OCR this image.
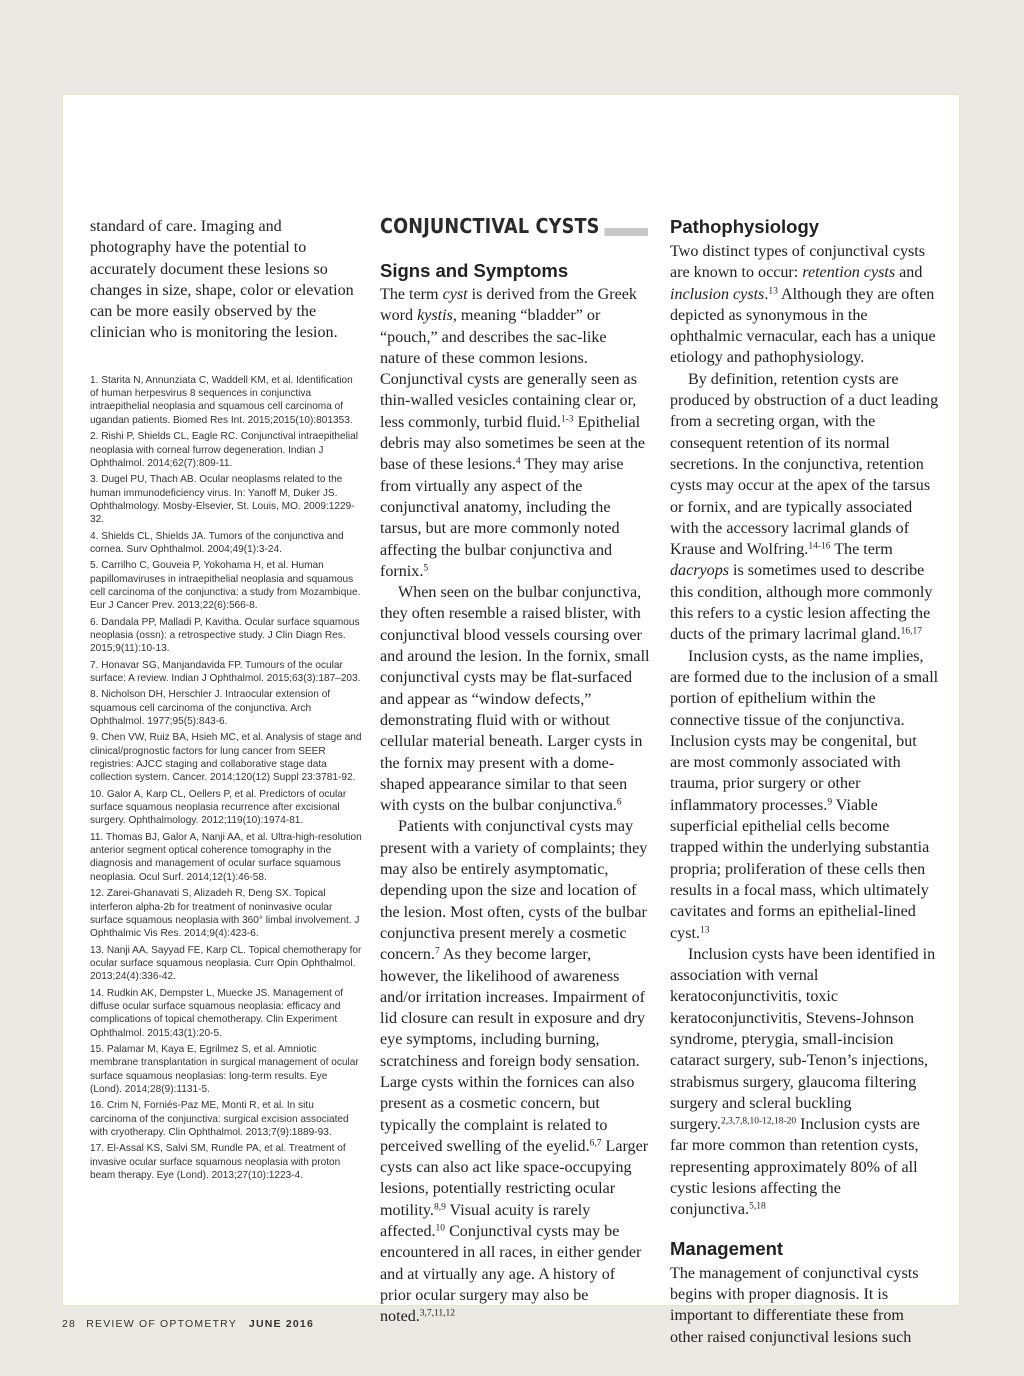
standard of care. Imaging and photography have the potential to accurately document these lesions so changes in size, shape, color or elevation can be more easily observed by the clinician who is monitoring the lesion.

1. Starita N, Annunziata C, Waddell KM, et al. Identification of human herpesvirus 8 sequences in conjunctiva intraepithelial neoplasia and squamous cell carcinoma of ugandan patients. Biomed Res Int. 2015;2015(10):801353.

2. Rishi P, Shields CL, Eagle RC. Conjunctival intraepithelial neoplasia with corneal furrow degeneration. Indian J Ophthalmol. 2014;62(7):809-11.

3. Dugel PU, Thach AB. Ocular neoplasms related to the human immunodeficiency virus. In: Yanoff M, Duker JS. Ophthalmology. Mosby-Elsevier, St. Louis, MO. 2009:1229-32.

4. Shields CL, Shields JA. Tumors of the conjunctiva and cornea. Surv Ophthalmol. 2004;49(1):3-24.

5. Carrilho C, Gouveia P, Yokohama H, et al. Human papillomaviruses in intraepithelial neoplasia and squamous cell carcinoma of the conjunctiva: a study from Mozambique. Eur J Cancer Prev. 2013;22(6):566-8.

6. Dandala PP, Malladi P, Kavitha. Ocular surface squamous neoplasia (ossn): a retrospective study. J Clin Diagn Res. 2015;9(11):10-13.

7. Honavar SG, Manjandavida FP. Tumours of the ocular surface: A review. Indian J Ophthalmol. 2015;63(3):187–203.

8. Nicholson DH, Herschler J. Intraocular extension of squamous cell carcinoma of the conjunctiva. Arch Ophthalmol. 1977;95(5):843-6.

9. Chen VW, Ruiz BA, Hsieh MC, et al. Analysis of stage and clinical/prognostic factors for lung cancer from SEER registries: AJCC staging and collaborative stage data collection system. Cancer. 2014;120(12) Suppl 23:3781-92.

10. Galor A, Karp CL, Oellers P, et al. Predictors of ocular surface squamous neoplasia recurrence after excisional surgery. Ophthalmology. 2012;119(10):1974-81.

11. Thomas BJ, Galor A, Nanji AA, et al. Ultra-high-resolution anterior segment optical coherence tomography in the diagnosis and management of ocular surface squamous neoplasia. Ocul Surf. 2014;12(1):46-58.

12. Zarei-Ghanavati S, Alizadeh R, Deng SX. Topical interferon alpha-2b for treatment of noninvasive ocular surface squamous neoplasia with 360° limbal involvement. J Ophthalmic Vis Res. 2014;9(4):423-6.

13. Nanji AA, Sayyad FE, Karp CL. Topical chemotherapy for ocular surface squamous neoplasia. Curr Opin Ophthalmol. 2013;24(4):336-42.

14. Rudkin AK, Dempster L, Muecke JS. Management of diffuse ocular surface squamous neoplasia: efficacy and complications of topical chemotherapy. Clin Experiment Ophthalmol. 2015;43(1):20-5.

15. Palamar M, Kaya E, Egrilmez S, et al. Amniotic membrane transplantation in surgical management of ocular surface squamous neoplasias: long-term results. Eye (Lond). 2014;28(9):1131-5.

16. Crim N, Forniés-Paz ME, Monti R, et al. In situ carcinoma of the conjunctiva: surgical excision associated with cryotherapy. Clin Ophthalmol. 2013;7(9):1889-93.

17. El-Assal KS, Salvi SM, Rundle PA, et al. Treatment of invasive ocular surface squamous neoplasia with proton beam therapy. Eye (Lond). 2013;27(10):1223-4.

CONJUNCTIVAL CYSTS
Signs and Symptoms

The term cyst is derived from the Greek word kystis, meaning “bladder” or “pouch,” and describes the sac-like nature of these common lesions. Conjunctival cysts are generally seen as thin-walled vesicles containing clear or, less commonly, turbid fluid.$^{1-3}$ Epithelial debris may also sometimes be seen at the base of these lesions.$^4$ They may arise from virtually any aspect of the conjunctival anatomy, including the tarsus, but are more commonly noted affecting the bulbar conjunctiva and fornix.$^5$

When seen on the bulbar conjunctiva, they often resemble a raised blister, with conjunctival blood vessels coursing over and around the lesion. In the fornix, small conjunctival cysts may be flat-surfaced and appear as “window defects,” demonstrating fluid with or without cellular material beneath. Larger cysts in the fornix may present with a dome-shaped appearance similar to that seen with cysts on the bulbar conjunctiva.$^6$

Patients with conjunctival cysts may present with a variety of complaints; they may also be entirely asymptomatic, depending upon the size and location of the lesion. Most often, cysts of the bulbar conjunctiva present merely a cosmetic concern.$^7$ As they become larger, however, the likelihood of awareness and/or irritation increases. Impairment of lid closure can result in exposure and dry eye symptoms, including burning, scratchiness and foreign body sensation. Large cysts within the fornices can also present as a cosmetic concern, but typically the complaint is related to perceived swelling of the eyelid.$^{6,7}$ Larger cysts can also act like space-occupying lesions, potentially restricting ocular motility.$^{8,9}$ Visual acuity is rarely affected.$^{10}$ Conjunctival cysts may be encountered in all races, in either gender and at virtually any age. A history of prior ocular surgery may also be noted.$^{3,7,11,12}$

Pathophysiology

Two distinct types of conjunctival cysts are known to occur: retention cysts and inclusion cysts.$^{13}$ Although they are often depicted as synonymous in the ophthalmic vernacular, each has a unique etiology and pathophysiology.

By definition, retention cysts are produced by obstruction of a duct leading from a secreting organ, with the consequent retention of its normal secretions. In the conjunctiva, retention cysts may occur at the apex of the tarsus or fornix, and are typically associated with the accessory lacrimal glands of Krause and Wolfring.$^{14-16}$ The term dacryops is sometimes used to describe this condition, although more commonly this refers to a cystic lesion affecting the ducts of the primary lacrimal gland.$^{16,17}$

Inclusion cysts, as the name implies, are formed due to the inclusion of a small portion of epithelium within the connective tissue of the conjunctiva. Inclusion cysts may be congenital, but are most commonly associated with trauma, prior surgery or other inflammatory processes.$^9$ Viable superficial epithelial cells become trapped within the underlying substantia propria; proliferation of these cells then results in a focal mass, which ultimately cavitates and forms an epithelial-lined cyst.$^{13}$

Inclusion cysts have been identified in association with vernal keratoconjunctivitis, toxic keratoconjunctivitis, Stevens-Johnson syndrome, pterygia, small-incision cataract surgery, sub-Tenon’s injections, strabismus surgery, glaucoma filtering surgery and scleral buckling surgery.$^{2,3,7,8,10-12,18-20}$ Inclusion cysts are far more common than retention cysts, representing approximately 80% of all cystic lesions affecting the conjunctiva.$^{5,18}$

Management

The management of conjunctival cysts begins with proper diagnosis. It is important to differentiate these from other raised conjunctival lesions such

28 REVIEW OF OPTOMETRY JUNE 2016
